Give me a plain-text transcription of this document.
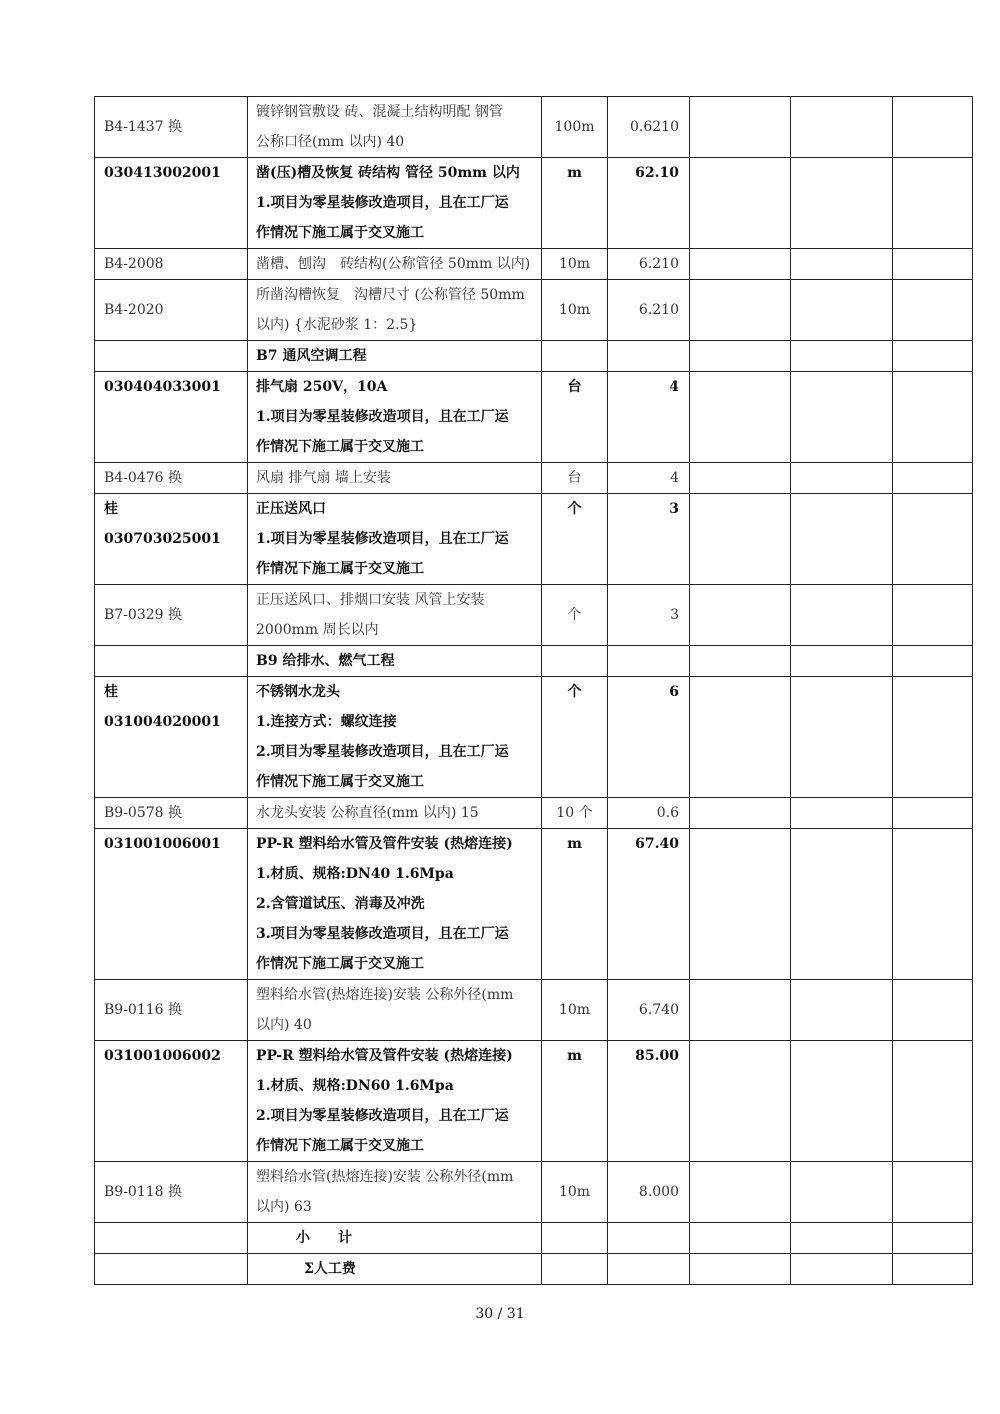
B4-1437 换	镀锌钢管敷设 砖、混凝土结构明配 钢管
公称口径(mm 以内) 40	100m	0.6210			
030413002001	凿(压)槽及恢复 砖结构 管径 50mm 以内
1.项目为零星装修改造项目，且在工厂运
作情况下施工属于交叉施工	m	62.10			
B4-2008	凿槽、刨沟　砖结构(公称管径 50mm 以内)	10m	6.210			
B4-2020	所凿沟槽恢复　沟槽尺寸 (公称管径 50mm
以内) {水泥砂浆 1：2.5}	10m	6.210			

	B7 通风空调工程					

030404033001	排气扇 250V，10A
1.项目为零星装修改造项目，且在工厂运
作情况下施工属于交叉施工	台	4			
B4-0476 换	风扇 排气扇 墙上安装	台	4			
桂 030703025001	正压送风口
1.项目为零星装修改造项目，且在工厂运
作情况下施工属于交叉施工	个	3			
B7-0329 换	正压送风口、排烟口安装 风管上安装
2000mm 周长以内	个	3			

	B9 给排水、燃气工程					

桂 031004020001	不锈钢水龙头
1.连接方式：螺纹连接
2.项目为零星装修改造项目，且在工厂运
作情况下施工属于交叉施工	个	6			
B9-0578 换	水龙头安装 公称直径(mm 以内) 15	10 个	0.6			
031001006001	PP-R 塑料给水管及管件安装 (热熔连接)
1.材质、规格:DN40 1.6Mpa
2.含管道试压、消毒及冲洗
3.项目为零星装修改造项目，且在工厂运
作情况下施工属于交叉施工	m	67.40			
B9-0116 换	塑料给水管(热熔连接)安装 公称外径(mm
以内) 40	10m	6.740			
031001006002	PP-R 塑料给水管及管件安装 (热熔连接)
1.材质、规格:DN60 1.6Mpa
2.项目为零星装修改造项目，且在工厂运
作情况下施工属于交叉施工	m	85.00			
B9-0118 换	塑料给水管(热熔连接)安装 公称外径(mm
以内) 63	10m	8.000			
	小　　计					
	Σ人工费					
30 / 31
